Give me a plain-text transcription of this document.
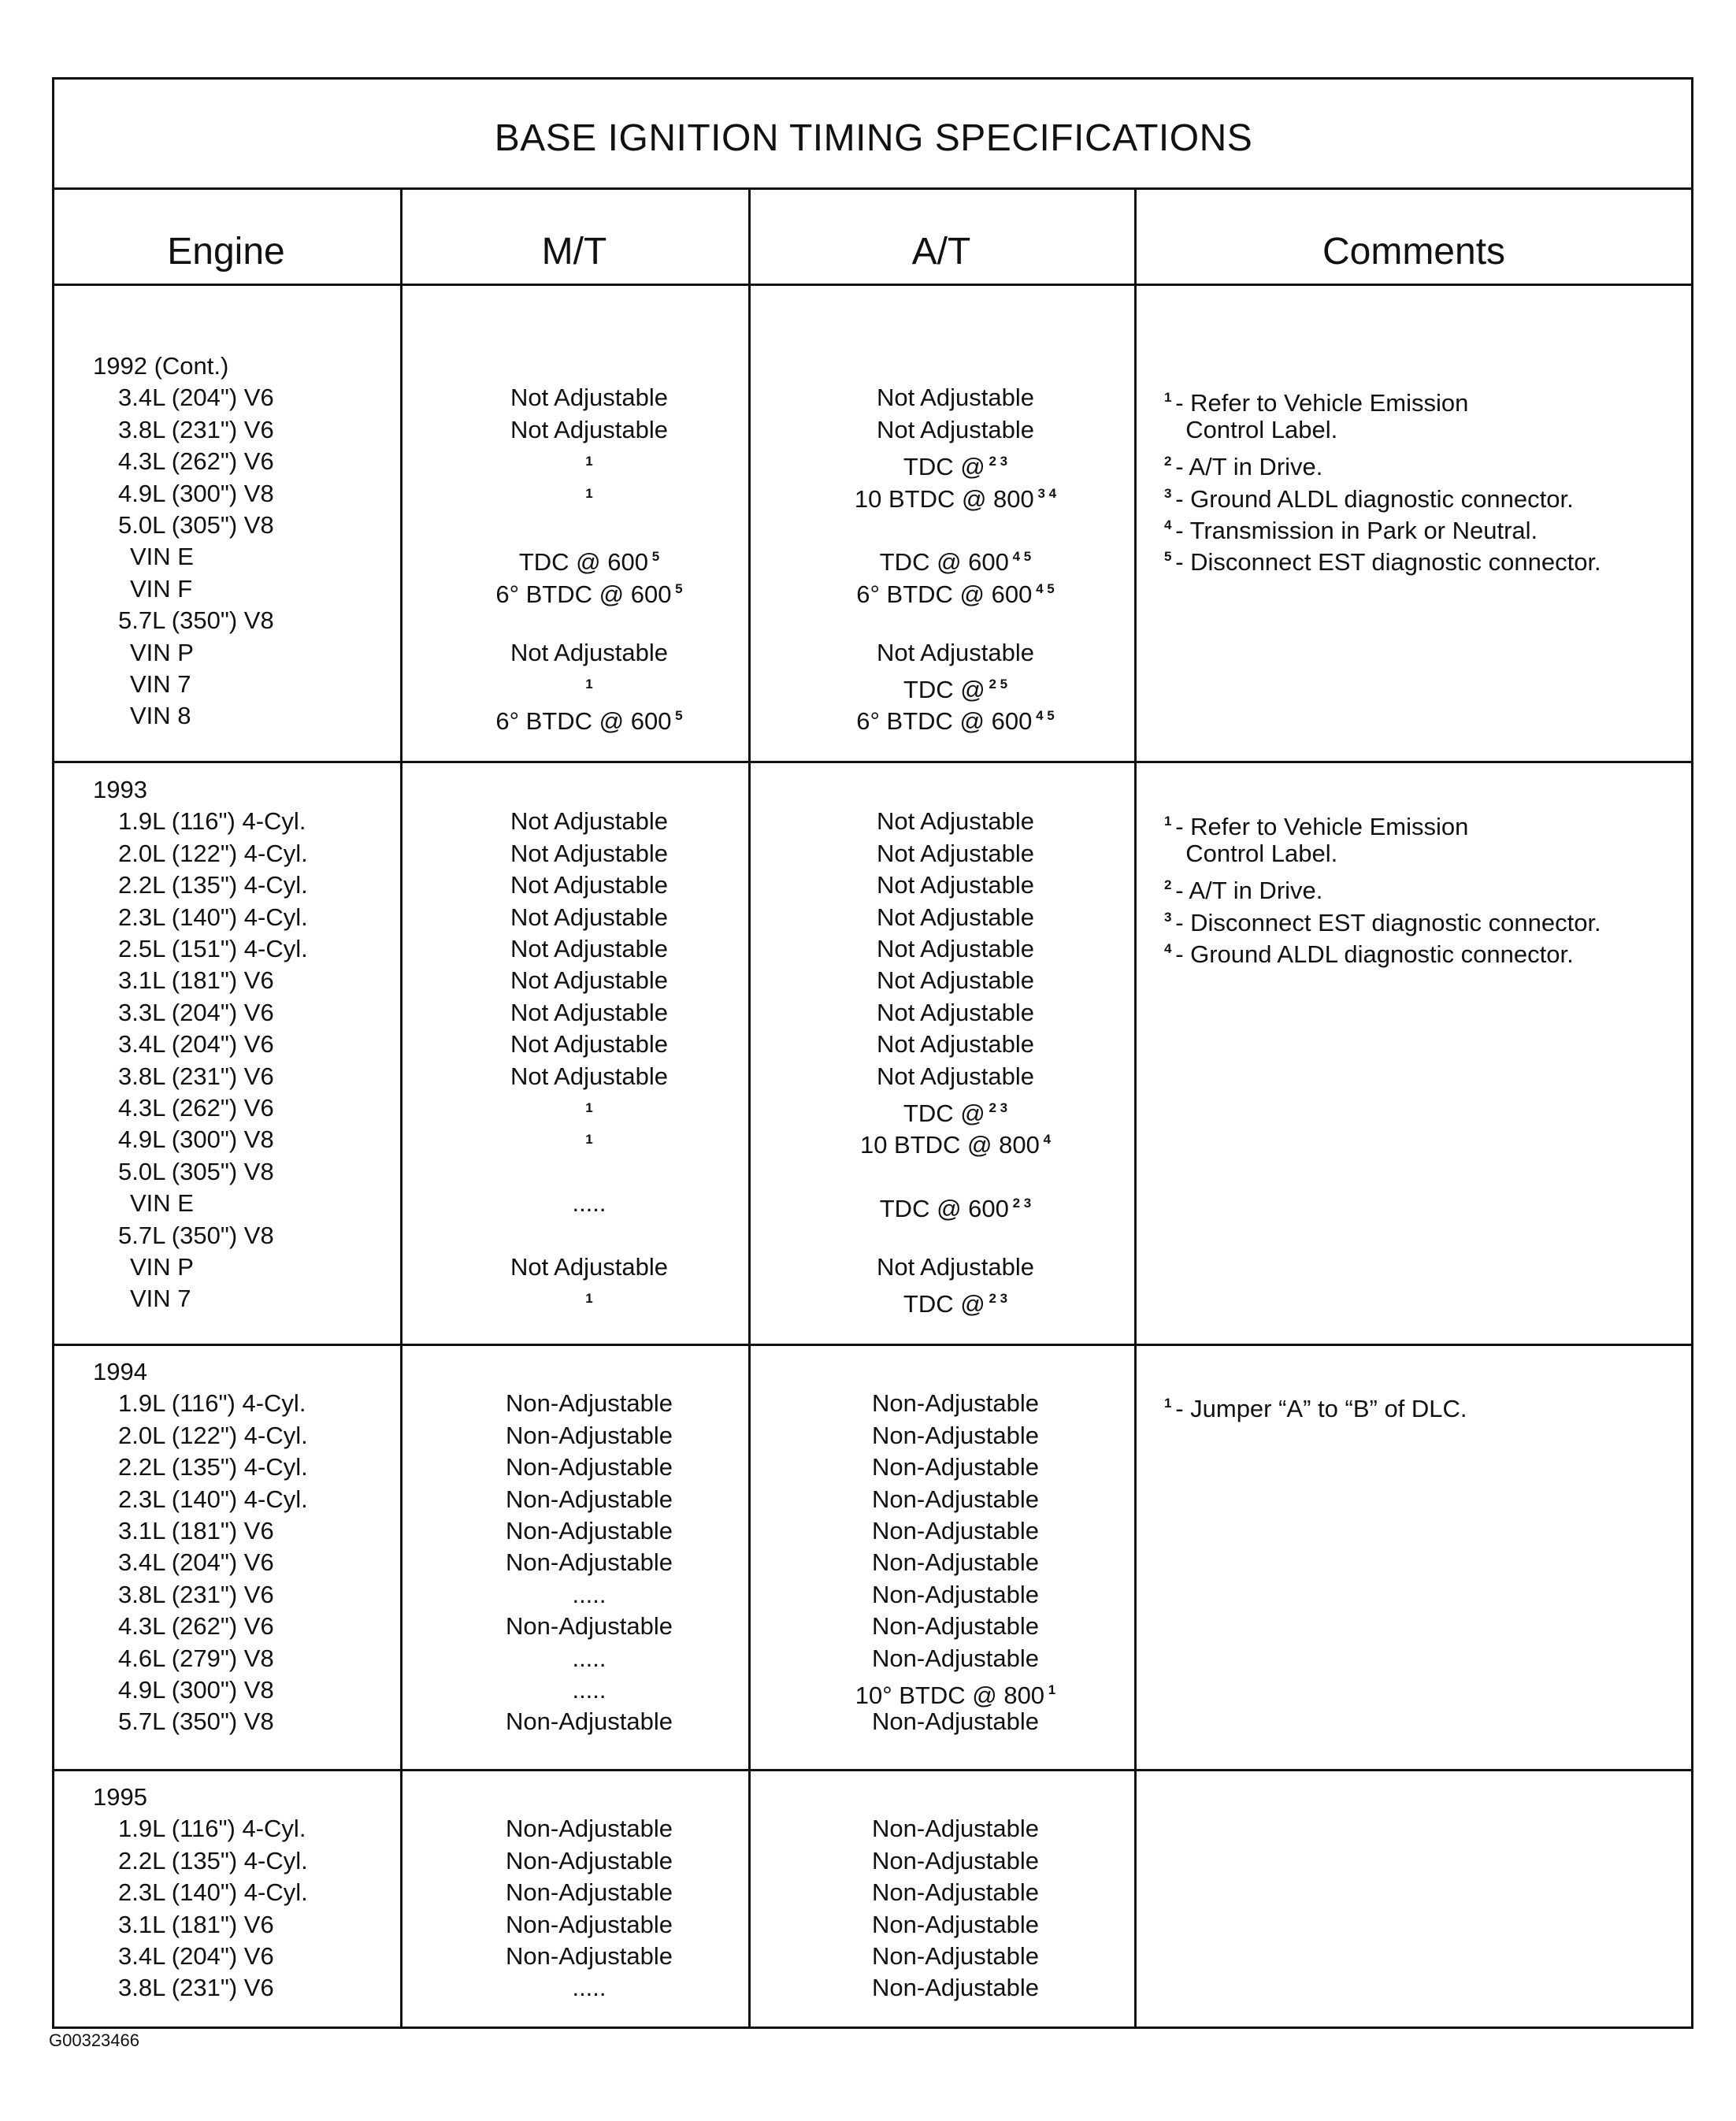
BASE IGNITION TIMING SPECIFICATIONS
Engine	M/T	A/T	Comments
1992 (Cont.)
3.4L (204") V6	Not Adjustable	Not Adjustable
3.8L (231") V6	Not Adjustable	Not Adjustable
4.3L (262") V6	$^1$	TDC @ $^{2 3}$
4.9L (300") V8	$^1$	10 BTDC @ 800 $^{3 4}$
5.0L (305") V8
VIN E	TDC @ 600 $^5$	TDC @ 600 $^{4 5}$
VIN F	6° BTDC @ 600 $^5$	6° BTDC @ 600 $^{4 5}$
5.7L (350") V8
VIN P	Not Adjustable	Not Adjustable
VIN 7	$^1$	TDC @ $^{2 5}$
VIN 8	6° BTDC @ 600 $^5$	6° BTDC @ 600 $^{4 5}$
$^1$ - Refer to Vehicle Emission
Control Label.
$^2$ - A/T in Drive.
$^3$ - Ground ALDL diagnostic connector.
$^4$ - Transmission in Park or Neutral.
$^5$ - Disconnect EST diagnostic connector.
1993
1.9L (116") 4-Cyl.	Not Adjustable	Not Adjustable
2.0L (122") 4-Cyl.	Not Adjustable	Not Adjustable
2.2L (135") 4-Cyl.	Not Adjustable	Not Adjustable
2.3L (140") 4-Cyl.	Not Adjustable	Not Adjustable
2.5L (151") 4-Cyl.	Not Adjustable	Not Adjustable
3.1L (181") V6	Not Adjustable	Not Adjustable
3.3L (204") V6	Not Adjustable	Not Adjustable
3.4L (204") V6	Not Adjustable	Not Adjustable
3.8L (231") V6	Not Adjustable	Not Adjustable
4.3L (262") V6	$^1$	TDC @ $^{2 3}$
4.9L (300") V8	$^1$	10 BTDC @ 800 $^4$
5.0L (305") V8
VIN E	.....	TDC @ 600 $^{2 3}$
5.7L (350") V8
VIN P	Not Adjustable	Not Adjustable
VIN 7	$^1$	TDC @ $^{2 3}$
$^1$ - Refer to Vehicle Emission
Control Label.
$^2$ - A/T in Drive.
$^3$ - Disconnect EST diagnostic connector.
$^4$ - Ground ALDL diagnostic connector.
1994
1.9L (116") 4-Cyl.	Non-Adjustable	Non-Adjustable
2.0L (122") 4-Cyl.	Non-Adjustable	Non-Adjustable
2.2L (135") 4-Cyl.	Non-Adjustable	Non-Adjustable
2.3L (140") 4-Cyl.	Non-Adjustable	Non-Adjustable
3.1L (181") V6	Non-Adjustable	Non-Adjustable
3.4L (204") V6	Non-Adjustable	Non-Adjustable
3.8L (231") V6	.....	Non-Adjustable
4.3L (262") V6	Non-Adjustable	Non-Adjustable
4.6L (279") V8	.....	Non-Adjustable
4.9L (300") V8	.....	10° BTDC @ 800 $^1$
5.7L (350") V8	Non-Adjustable	Non-Adjustable
$^1$ - Jumper “A” to “B” of DLC.
1995
1.9L (116") 4-Cyl.	Non-Adjustable	Non-Adjustable
2.2L (135") 4-Cyl.	Non-Adjustable	Non-Adjustable
2.3L (140") 4-Cyl.	Non-Adjustable	Non-Adjustable
3.1L (181") V6	Non-Adjustable	Non-Adjustable
3.4L (204") V6	Non-Adjustable	Non-Adjustable
3.8L (231") V6	.....	Non-Adjustable
G00323466
